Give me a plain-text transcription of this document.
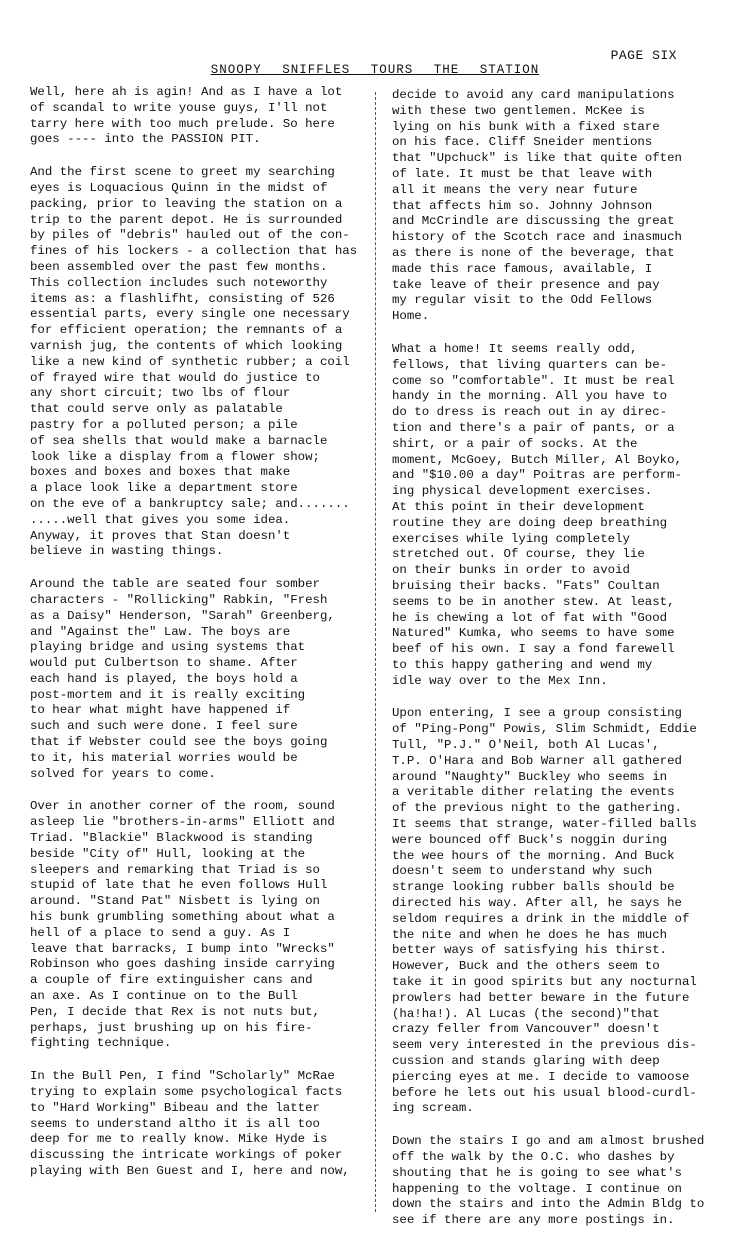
PAGE SIX
SNOOPY SNIFFLES TOURS THE STATION
Well, here ah is agin! And as I have a lot
of scandal to write youse guys, I'll not
tarry here with too much prelude. So here
goes ---- into the PASSION PIT.
And the first scene to greet my searching
eyes is Loquacious Quinn in the midst of
packing, prior to leaving the station on a
trip to the parent depot. He is surrounded
by piles of "debris" hauled out of the con-
fines of his lockers - a collection that has
been assembled over the past few months.
This collection includes such noteworthy
items as: a flashlifht, consisting of 526
essential parts, every single one necessary
for efficient operation; the remnants of a
varnish jug, the contents of which looking
like a new kind of synthetic rubber; a coil
of frayed wire that would do justice to
any short circuit; two lbs of flour
that could serve only as palatable
pastry for a polluted person; a pile
of sea shells that would make a barnacle
look like a display from a flower show;
boxes and boxes and boxes that make
a place look like a department store
on the eve of a bankruptcy sale; and.......
.....well that gives you some idea.
Anyway, it proves that Stan doesn't
believe in wasting things.
Around the table are seated four somber
characters - "Rollicking" Rabkin, "Fresh
as a Daisy" Henderson, "Sarah" Greenberg,
and "Against the" Law. The boys are
playing bridge and using systems that
would put Culbertson to shame. After
each hand is played, the boys hold a
post-mortem and it is really exciting
to hear what might have happened if
such and such were done. I feel sure
that if Webster could see the boys going
to it, his material worries would be
solved for years to come.
Over in another corner of the room, sound
asleep lie "brothers-in-arms" Elliott and
Triad. "Blackie" Blackwood is standing
beside "City of" Hull, looking at the
sleepers and remarking that Triad is so
stupid of late that he even follows Hull
around. "Stand Pat" Nisbett is lying on
his bunk grumbling something about what a
hell of a place to send a guy. As I
leave that barracks, I bump into "Wrecks"
Robinson who goes dashing inside carrying
a couple of fire extinguisher cans and
an axe. As I continue on to the Bull
Pen, I decide that Rex is not nuts but,
perhaps, just brushing up on his fire-
fighting technique.
In the Bull Pen, I find "Scholarly" McRae
trying to explain some psychological facts
to "Hard Working" Bibeau and the latter
seems to understand altho it is all too
deep for me to really know. Mike Hyde is
discussing the intricate workings of poker
playing with Ben Guest and I, here and now,
decide to avoid any card manipulations
with these two gentlemen. McKee is
lying on his bunk with a fixed stare
on his face. Cliff Sneider mentions
that "Upchuck" is like that quite often
of late. It must be that leave with
all it means the very near future
that affects him so. Johnny Johnson
and McCrindle are discussing the great
history of the Scotch race and inasmuch
as there is none of the beverage, that
made this race famous, available, I
take leave of their presence and pay
my regular visit to the Odd Fellows
Home.
What a home! It seems really odd,
fellows, that living quarters can be-
come so "comfortable". It must be real
handy in the morning. All you have to
do to dress is reach out in ay direc-
tion and there's a pair of pants, or a
shirt, or a pair of socks. At the
moment, McGoey, Butch Miller, Al Boyko,
and "$10.00 a day" Poitras are perform-
ing physical development exercises.
At this point in their development
routine they are doing deep breathing
exercises while lying completely
stretched out. Of course, they lie
on their bunks in order to avoid
bruising their backs. "Fats" Coultan
seems to be in another stew. At least,
he is chewing a lot of fat with "Good
Natured" Kumka, who seems to have some
beef of his own. I say a fond farewell
to this happy gathering and wend my
idle way over to the Mex Inn.
Upon entering, I see a group consisting
of "Ping-Pong" Powis, Slim Schmidt, Eddie
Tull, "P.J." O'Neil, both Al Lucas',
T.P. O'Hara and Bob Warner all gathered
around "Naughty" Buckley who seems in
a veritable dither relating the events
of the previous night to the gathering.
It seems that strange, water-filled balls
were bounced off Buck's noggin during
the wee hours of the morning. And Buck
doesn't seem to understand why such
strange looking rubber balls should be
directed his way. After all, he says he
seldom requires a drink in the middle of
the nite and when he does he has much
better ways of satisfying his thirst.
However, Buck and the others seem to
take it in good spirits but any nocturnal
prowlers had better beware in the future
(ha!ha!). Al Lucas (the second)"that
crazy feller from Vancouver" doesn't
seem very interested in the previous dis-
cussion and stands glaring with deep
piercing eyes at me. I decide to vamoose
before he lets out his usual blood-curdl-
ing scream.
Down the stairs I go and am almost brushed
off the walk by the O.C. who dashes by
shouting that he is going to see what's
happening to the voltage. I continue on
down the stairs and into the Admin Bldg to
see if there are any more postings in.
